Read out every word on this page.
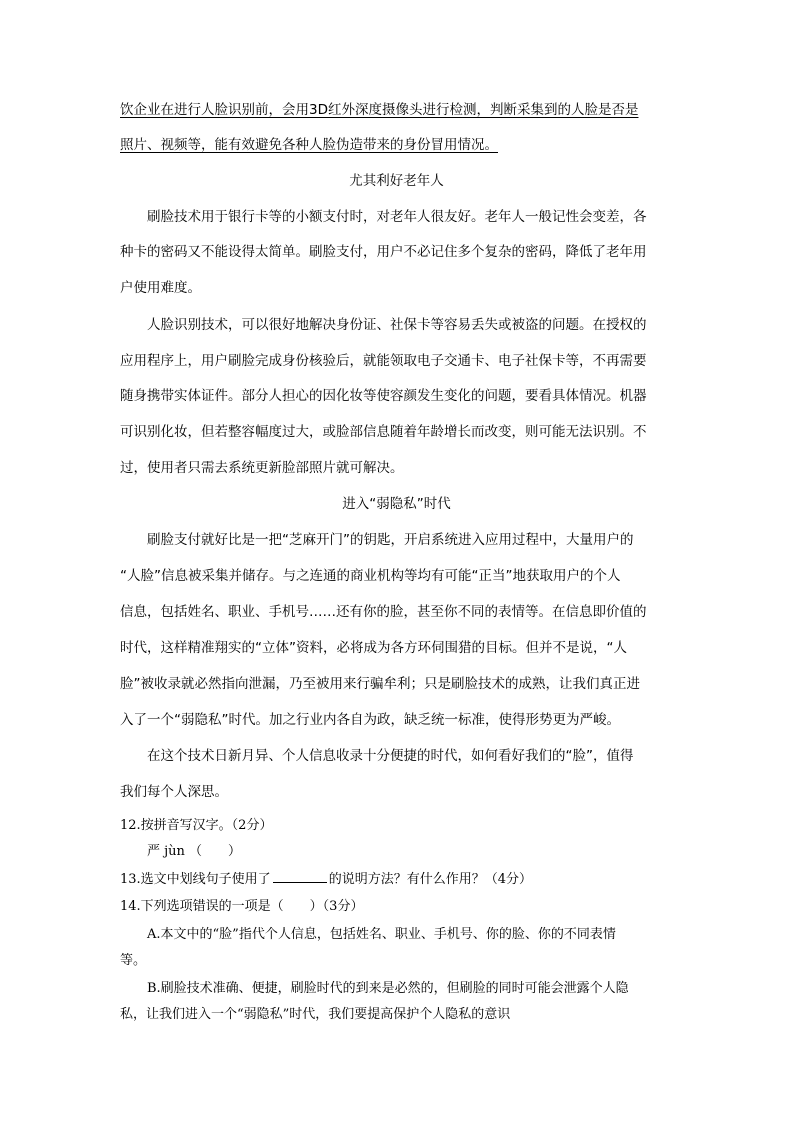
饮企业在进行人脸识别前，会用3D红外深度摄像头进行检测，判断采集到的人脸是否是
照片、视频等，能有效避免各种人脸伪造带来的身份冒用情况。
尤其利好老年人
刷脸技术用于银行卡等的小额支付时，对老年人很友好。老年人一般记性会变差，各
种卡的密码又不能设得太简单。刷脸支付，用户不必记住多个复杂的密码，降低了老年用
户使用难度。
人脸识别技术，可以很好地解决身份证、社保卡等容易丢失或被盗的问题。在授权的
应用程序上，用户刷脸完成身份核验后，就能领取电子交通卡、电子社保卡等，不再需要
随身携带实体证件。部分人担心的因化妆等使容颜发生变化的问题，要看具体情况。机器
可识别化妆，但若整容幅度过大，或脸部信息随着年龄增长而改变，则可能无法识别。不
过，使用者只需去系统更新脸部照片就可解决。
进入“弱隐私”时代
刷脸支付就好比是一把“芝麻开门”的钥匙，开启系统进入应用过程中，大量用户的
“人脸”信息被采集并储存。与之连通的商业机构等均有可能“正当”地获取用户的个人
信息，包括姓名、职业、手机号……还有你的脸，甚至你不同的表情等。在信息即价值的
时代，这样精准翔实的“立体”资料，必将成为各方环伺围猎的目标。但并不是说，“人
脸”被收录就必然指向泄漏，乃至被用来行骗牟利；只是刷脸技术的成熟，让我们真正进
入了一个“弱隐私”时代。加之行业内各自为政，缺乏统一标准，使得形势更为严峻。
在这个技术日新月异、个人信息收录十分便捷的时代，如何看好我们的“脸”，值得
我们每个人深思。
12.按拼音写汉字。（2分）
严 jùn （　　）
13.选文中划线句子使用了	的说明方法？有什么作用？（4分）
14.下列选项错误的一项是（　　）（3分）
A.本文中的“脸”指代个人信息，包括姓名、职业、手机号、你的脸、你的不同表情
等。
B.刷脸技术准确、便捷，刷脸时代的到来是必然的，但刷脸的同时可能会泄露个人隐
私，让我们进入一个“弱隐私”时代，我们要提高保护个人隐私的意识
